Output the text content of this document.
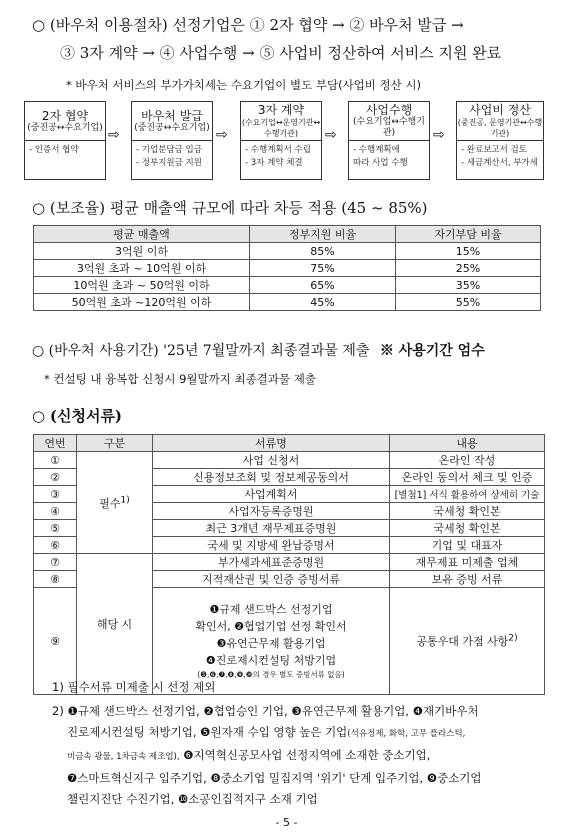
○ (바우처 이용절차) 선정기업은 ① 2자 협약 → ② 바우처 발급 →
③ 3자 계약 → ④ 사업수행 → ⑤ 사업비 정산하여 서비스 지원 완료
* 바우처 서비스의 부가가치세는 수요기업이 별도 부담(사업비 정산 시)
2자 협약
(중진공↔수요기업)
- 인증서 협약
⇨
바우처 발급
(중진공↔수요기업)
- 기업분담금 입금
- 정부지원금 지원
⇨
3자 계약
(수요기업↔운영기관↔수행기관)
- 수행계획서 수립
- 3자 계약 체결
⇨
사업수행
(수요기업↔수행기관)
- 수행계획에
따라 사업 수행
⇨
사업비 정산
(중진공, 운영기관↔수행기관)
- 완료보고서 검토
- 세금계산서, 부가세
○ (보조율) 평균 매출액 규모에 따라 차등 적용 (45 ~ 85%)
평균 매출액	정부지원 비율	자기부담 비율
3억원 이하	85%	15%
3억원 초과 ~ 10억원 이하	75%	25%
10억원 초과 ~ 50억원 이하	65%	35%
50억원 초과 ~120억원 이하	45%	55%
○ (바우처 사용기간) '25년 7월말까지 최종결과물 제출 ※ 사용기간 엄수
* 컨설팅 내 융복합 신청시 9월말까지 최종결과물 제출
○ (신청서류)
연번	구분	서류명	내용
①	필수$^{1)}$	사업 신청서	온라인 작성
②		신용정보조회 및 정보제공동의서	온라인 동의서 체크 및 인증
③		사업계획서	[별첨1] 서식 활용하여 상세히 기술
④		사업자등록증명원	국세청 확인본
⑤		최근 3개년 재무제표증명원	국세청 확인본
⑥		국세 및 지방세 완납증명서	기업 및 대표자
⑦	해당 시	부가세과세표준증명원	재무제표 미제출 업체
⑧		지적재산권 및 인증 증빙서류	보유 증빙 서류
⑨		❶규제 샌드박스 선정기업
확인서, ❷협업기업 선정 확인서
❸유연근무제 활용기업
❹진로제시컨설팅 처방기업
(❺,❻,❼,❽,❾,❿의 경우 별도 증빙서류 없음)	공통우대 가점 사항$^{2)}$
1) 필수서류 미제출 시 선정 제외
2) ❶규제 샌드박스 선정기업, ❷협업승인 기업, ❸유연근무제 활용기업, ❹재기바우처
진로제시컨설팅 처방기업, ❺원자재 수입 영향 높은 기업(석유정제, 화학, 고무 플라스틱,
비금속 광물, 1차금속 제조업), ❻지역혁신공모사업 선정지역에 소재한 중소기업,
❼스마트혁신지구 입주기업, ❽중소기업 밀집지역 '위기' 단계 입주기업, ❾중소기업
챌린지진단 수진기업, ❿소공인집적지구 소재 기업
- 5 -
